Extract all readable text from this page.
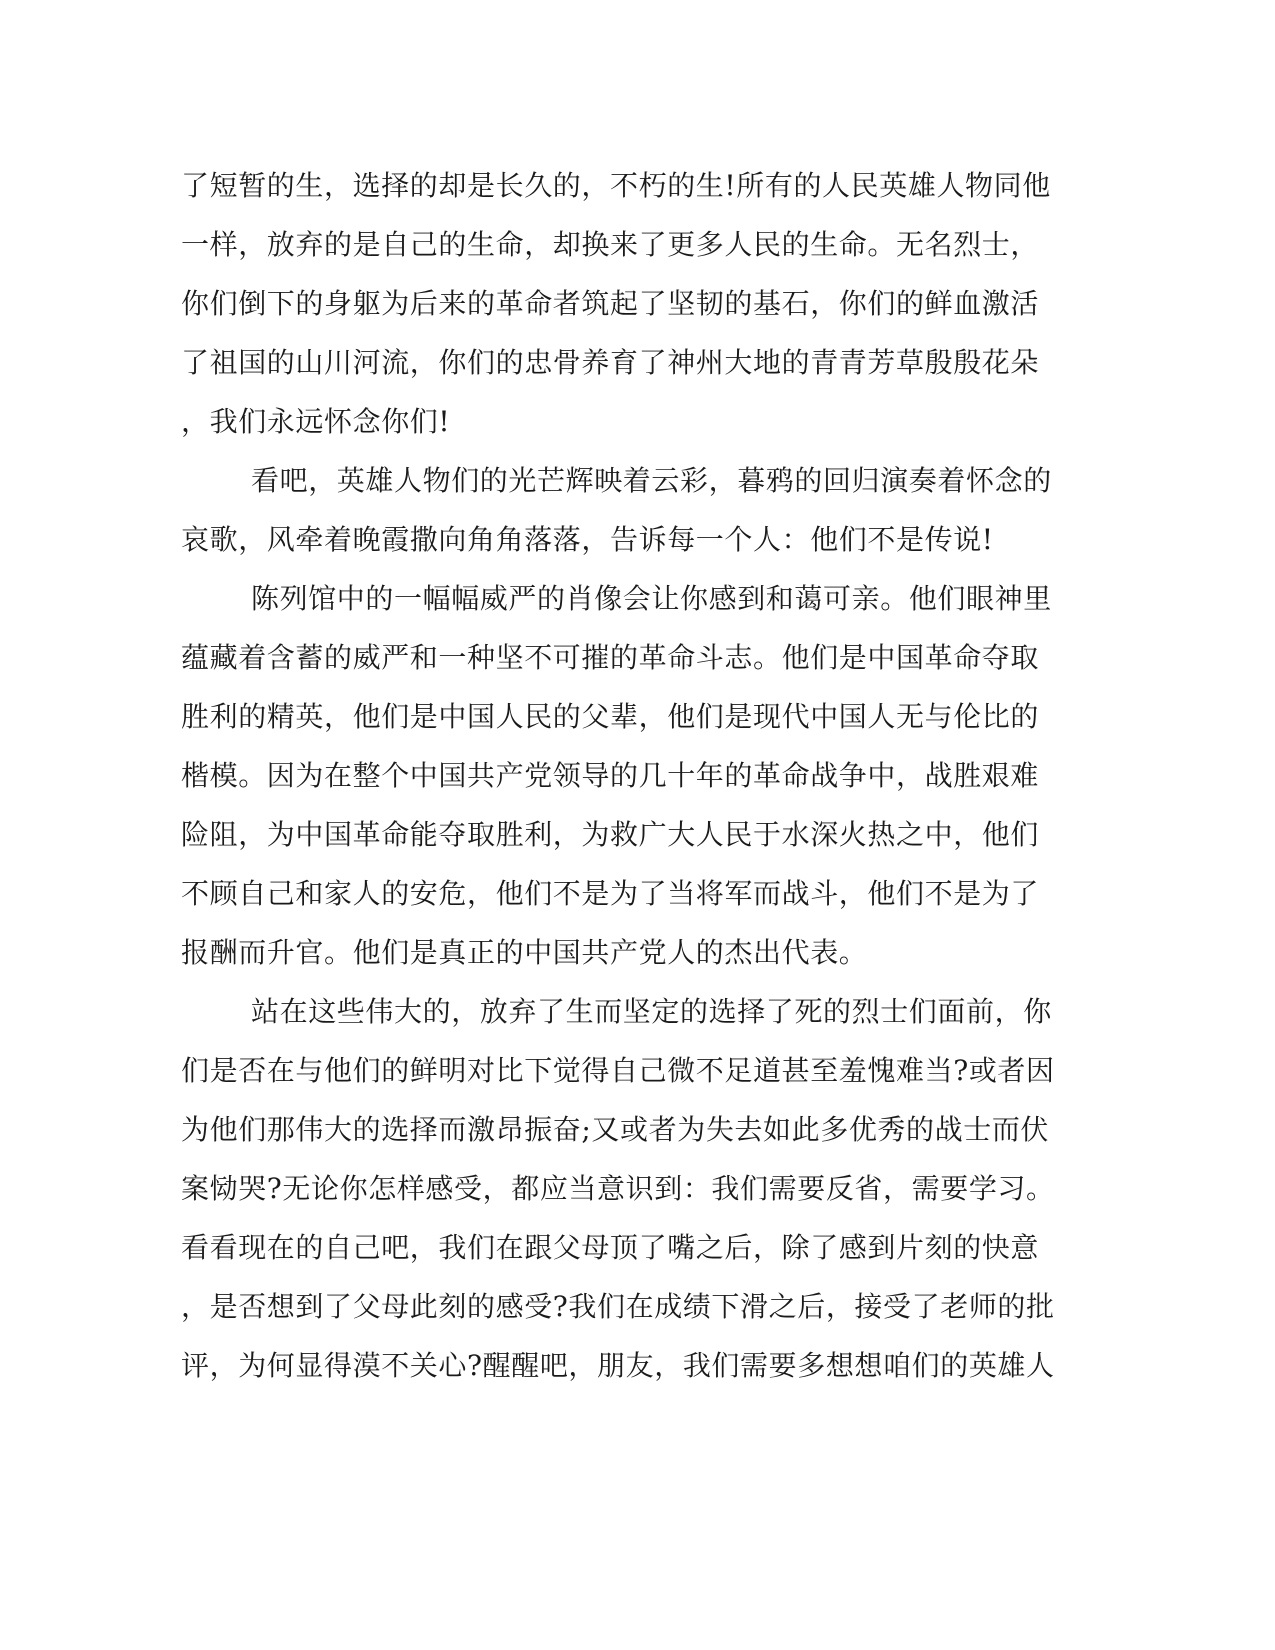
了短暂的生，选择的却是长久的，不朽的生!所有的人民英雄人物同他
一样，放弃的是自己的生命，却换来了更多人民的生命。无名烈士，
你们倒下的身躯为后来的革命者筑起了坚韧的基石，你们的鲜血激活
了祖国的山川河流，你们的忠骨养育了神州大地的青青芳草殷殷花朵
，我们永远怀念你们!
看吧，英雄人物们的光芒辉映着云彩，暮鸦的回归演奏着怀念的
哀歌，风牵着晚霞撒向角角落落，告诉每一个人：他们不是传说!
陈列馆中的一幅幅威严的肖像会让你感到和蔼可亲。他们眼神里
蕴藏着含蓄的威严和一种坚不可摧的革命斗志。他们是中国革命夺取
胜利的精英，他们是中国人民的父辈，他们是现代中国人无与伦比的
楷模。因为在整个中国共产党领导的几十年的革命战争中，战胜艰难
险阻，为中国革命能夺取胜利，为救广大人民于水深火热之中，他们
不顾自己和家人的安危，他们不是为了当将军而战斗，他们不是为了
报酬而升官。他们是真正的中国共产党人的杰出代表。
站在这些伟大的，放弃了生而坚定的选择了死的烈士们面前，你
们是否在与他们的鲜明对比下觉得自己微不足道甚至羞愧难当?或者因
为他们那伟大的选择而激昂振奋;又或者为失去如此多优秀的战士而伏
案恸哭?无论你怎样感受，都应当意识到：我们需要反省，需要学习。
看看现在的自己吧，我们在跟父母顶了嘴之后，除了感到片刻的快意
，是否想到了父母此刻的感受?我们在成绩下滑之后，接受了老师的批
评，为何显得漠不关心?醒醒吧，朋友，我们需要多想想咱们的英雄人
